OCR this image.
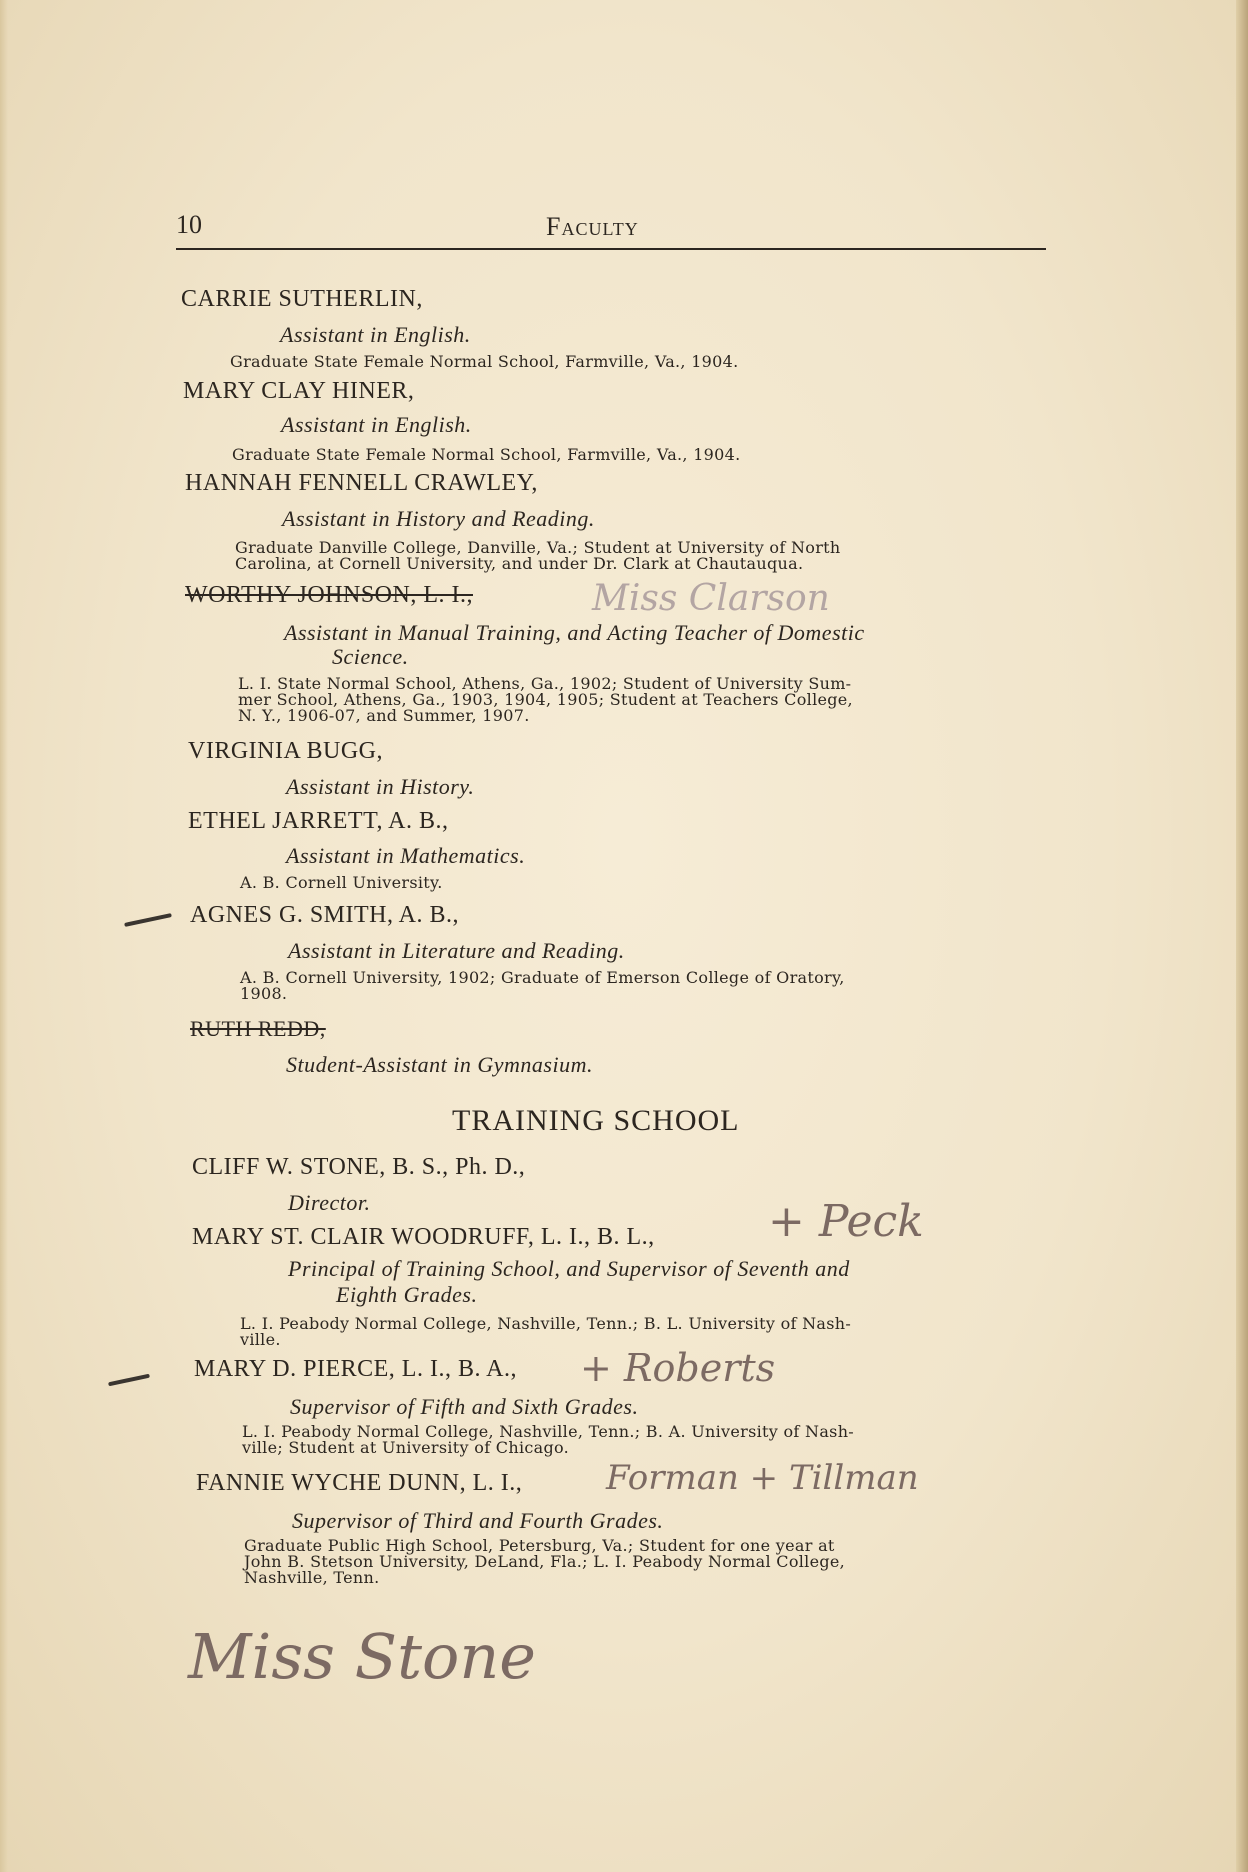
10	Faculty
CARRIE SUTHERLIN,
Assistant in English.
Graduate State Female Normal School, Farmville, Va., 1904.
MARY CLAY HINER,
Assistant in English.
Graduate State Female Normal School, Farmville, Va., 1904.
HANNAH FENNELL CRAWLEY,
Assistant in History and Reading.
Graduate Danville College, Danville, Va.; Student at University of North
Carolina, at Cornell University, and under Dr. Clark at Chautauqua.
WORTHY JOHNSON, L. I.,	Miss Clarson
Assistant in Manual Training, and Acting Teacher of Domestic
Science.
L. I. State Normal School, Athens, Ga., 1902; Student of University Sum-
mer School, Athens, Ga., 1903, 1904, 1905; Student at Teachers College,
N. Y., 1906-07, and Summer, 1907.
VIRGINIA BUGG,
Assistant in History.
ETHEL JARRETT, A. B.,
Assistant in Mathematics.
A. B. Cornell University.
AGNES G. SMITH, A. B.,
Assistant in Literature and Reading.
A. B. Cornell University, 1902; Graduate of Emerson College of Oratory,
1908.
RUTH REDD,
Student-Assistant in Gymnasium.
TRAINING SCHOOL
CLIFF W. STONE, B. S., Ph. D.,
Director.
MARY ST. CLAIR WOODRUFF, L. I., B. L.,	+ Peck
Principal of Training School, and Supervisor of Seventh and
Eighth Grades.
L. I. Peabody Normal College, Nashville, Tenn.; B. L. University of Nash-
ville.
MARY D. PIERCE, L. I., B. A., + Roberts
Supervisor of Fifth and Sixth Grades.
L. I. Peabody Normal College, Nashville, Tenn.; B. A. University of Nash-
ville; Student at University of Chicago.
FANNIE WYCHE DUNN, L. I., Forman + Tillman
Supervisor of Third and Fourth Grades.
Graduate Public High School, Petersburg, Va.; Student for one year at
John B. Stetson University, DeLand, Fla.; L. I. Peabody Normal College,
Nashville, Tenn.
Miss Stone
